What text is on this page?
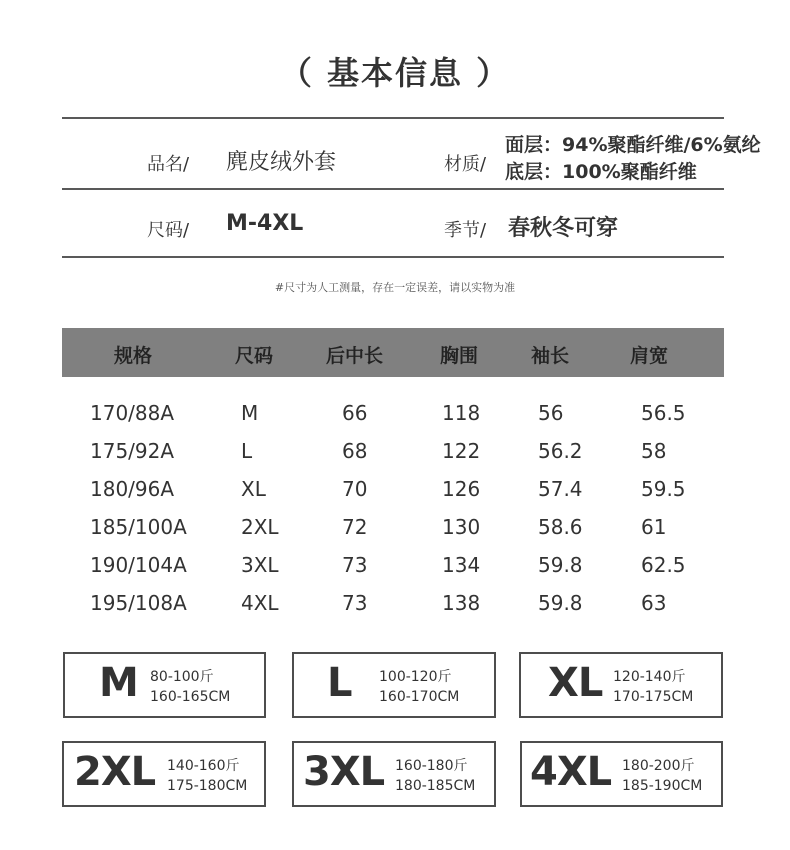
（ 基本信息 ）
品名/ 麂皮绒外套	材质/
面层：94%聚酯纤维/6%氨纶
底层：100%聚酯纤维
尺码/ M-4XL	季节/ 春秋冬可穿
#尺寸为人工测量，存在一定误差，请以实物为准
规格	尺码	后中长	胸围	袖长	肩宽
170/88A	M	66	118	56	56.5
175/92A	L	68	122	56.2	58
180/96A	XL	70	126	57.4	59.5
185/100A	2XL	72	130	58.6	61
190/104A	3XL	73	134	59.8	62.5
195/108A	4XL	73	138	59.8	63
M 80-100斤
160-165CM L 100-120斤
160-170CM XL 120-140斤
170-175CM
2XL 140-160斤
175-180CM 3XL 160-180斤
180-185CM 4XL 180-200斤
185-190CM
